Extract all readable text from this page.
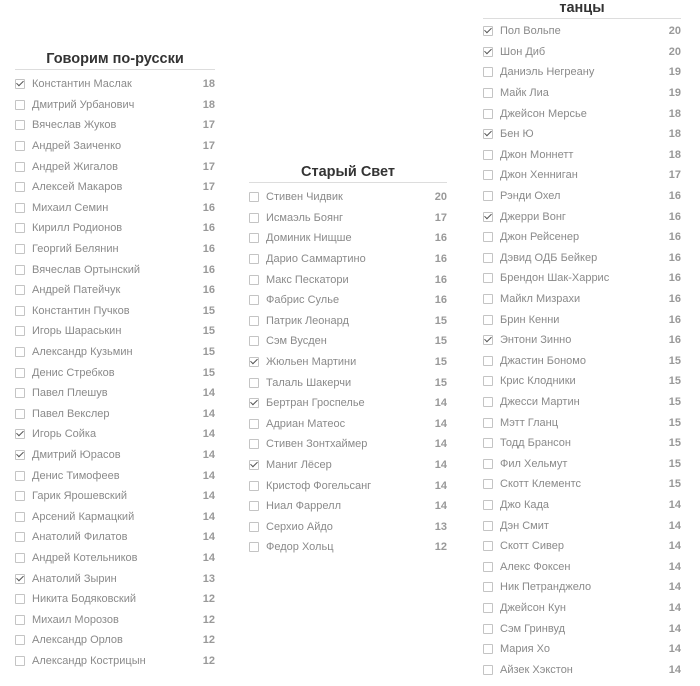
Говорим по-русски
Константин Маслак	18
Дмитрий Урбанович	18
Вячеслав Жуков	17
Андрей Заиченко	17
Андрей Жигалов	17
Алексей Макаров	17
Михаил Семин	16
Кирилл Родионов	16
Георгий Белянин	16
Вячеслав Ортынский	16
Андрей Патейчук	16
Константин Пучков	15
Игорь Шараськин	15
Александр Кузьмин	15
Денис Стребков	15
Павел Плешув	14
Павел Векслер	14
Игорь Сойка	14
Дмитрий Юрасов	14
Денис Тимофеев	14
Гарик Ярошевский	14
Арсений Кармацкий	14
Анатолий Филатов	14
Андрей Котельников	14
Анатолий Зырин	13
Никита Бодяковский	12
Михаил Морозов	12
Александр Орлов	12
Александр Кострицын	12
Старый Свет
Стивен Чидвик	20
Исмаэль Боянг	17
Доминик Нищше	16
Дарио Саммартино	16
Макс Пескатори	16
Фабрис Сулье	16
Патрик Леонард	15
Сэм Вусден	15
Жюльен Мартини	15
Талаль Шакерчи	15
Бертран Гроспелье	14
Адриан Матеос	14
Стивен Зонтхаймер	14
Маниг Лёсер	14
Кристоф Фогельсанг	14
Ниал Фаррелл	14
Серхио Айдо	13
Федор Хольц	12
танцы
Пол Вольпе	20
Шон Диб	20
Даниэль Негреану	19
Майк Лиа	19
Джейсон Мерсье	18
Бен Ю	18
Джон Моннетт	18
Джон Хенниган	17
Рэнди Охел	16
Джерри Вонг	16
Джон Рейсенер	16
Дэвид ОДБ Бейкер	16
Брендон Шак-Харрис	16
Майкл Мизрахи	16
Брин Кенни	16
Энтони Зинно	16
Джастин Бономо	15
Крис Клодники	15
Джесси Мартин	15
Мэтт Гланц	15
Тодд Брансон	15
Фил Хельмут	15
Скотт Клементс	15
Джо Када	14
Дэн Смит	14
Скотт Сивер	14
Алекс Фоксен	14
Ник Петранджело	14
Джейсон Кун	14
Сэм Гринвуд	14
Мария Хо	14
Айзек Хэкстон	14
